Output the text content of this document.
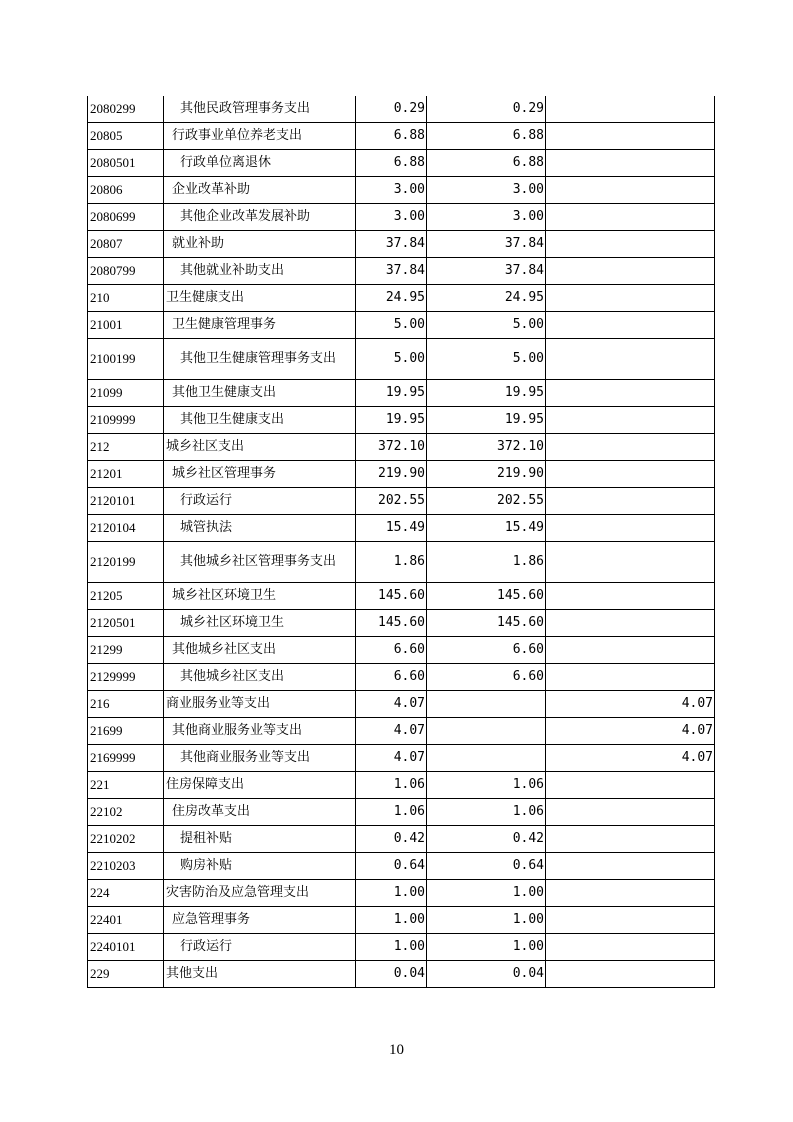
2080299	其他民政管理事务支出	0.29	0.29	
20805	行政事业单位养老支出	6.88	6.88	
2080501	行政单位离退休	6.88	6.88	
20806	企业改革补助	3.00	3.00	
2080699	其他企业改革发展补助	3.00	3.00	
20807	就业补助	37.84	37.84	
2080799	其他就业补助支出	37.84	37.84	
210	卫生健康支出	24.95	24.95	
21001	卫生健康管理事务	5.00	5.00	
2100199	其他卫生健康管理事务支出	5.00	5.00	
21099	其他卫生健康支出	19.95	19.95	
2109999	其他卫生健康支出	19.95	19.95	
212	城乡社区支出	372.10	372.10	
21201	城乡社区管理事务	219.90	219.90	
2120101	行政运行	202.55	202.55	
2120104	城管执法	15.49	15.49	
2120199	其他城乡社区管理事务支出	1.86	1.86	
21205	城乡社区环境卫生	145.60	145.60	
2120501	城乡社区环境卫生	145.60	145.60	
21299	其他城乡社区支出	6.60	6.60	
2129999	其他城乡社区支出	6.60	6.60	
216	商业服务业等支出	4.07		4.07
21699	其他商业服务业等支出	4.07		4.07
2169999	其他商业服务业等支出	4.07		4.07
221	住房保障支出	1.06	1.06	
22102	住房改革支出	1.06	1.06	
2210202	提租补贴	0.42	0.42	
2210203	购房补贴	0.64	0.64	
224	灾害防治及应急管理支出	1.00	1.00	
22401	应急管理事务	1.00	1.00	
2240101	行政运行	1.00	1.00	
229	其他支出	0.04	0.04	
10
